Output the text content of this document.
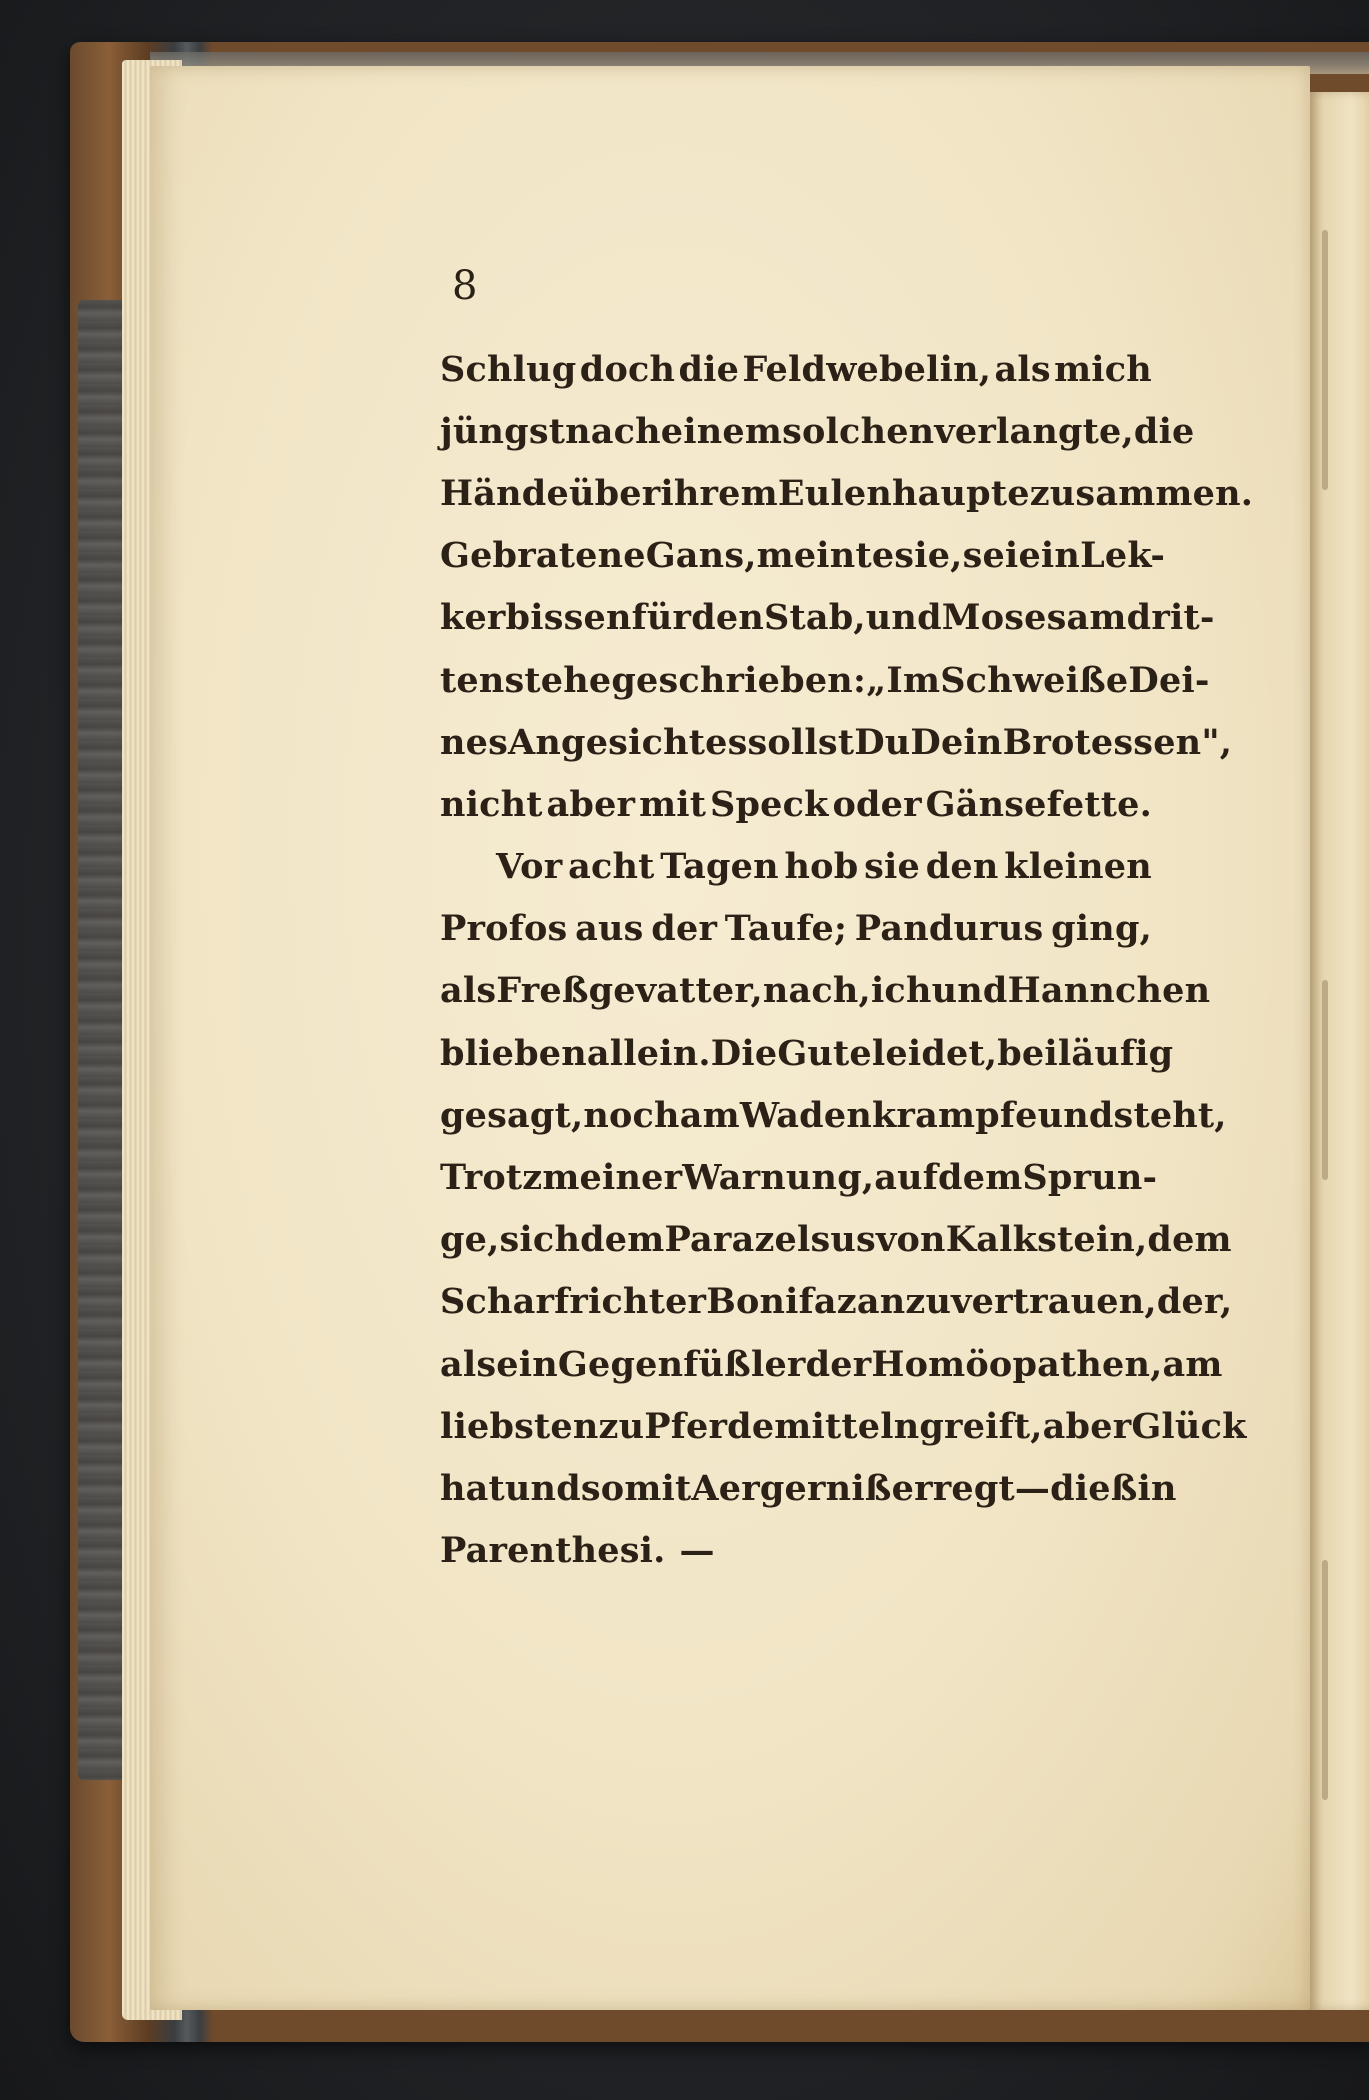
8
Schlug doch die Feldwebelin, als mich
jüngst nach einem solchen verlangte, die
Hände über ihrem Eulenhaupte zusammen.
Gebratene Gans, meinte sie, sei ein Lek-
kerbissen für den Stab, und Moses am drit-
ten stehe geschrieben: „Im Schweiße Dei-
nes Angesichtes sollst Du Dein Brot essen",
nicht aber mit Speck oder Gänsefette.
Vor acht Tagen hob sie den kleinen
Profos aus der Taufe; Pandurus ging,
als Freßgevatter, nach, ich und Hannchen
blieben allein. Die Gute leidet, beiläufig
gesagt, noch am Wadenkrampfe und steht,
Trotz meiner Warnung, auf dem Sprun-
ge, sich dem Parazelsus von Kalkstein, dem
Scharfrichter Bonifaz anzuvertrauen, der,
als ein Gegenfüßler der Homöopathen, am
liebsten zu Pferdemitteln greift, aber Glück
hat und somit Aergerniß erregt — dieß in
Parenthesi. —
